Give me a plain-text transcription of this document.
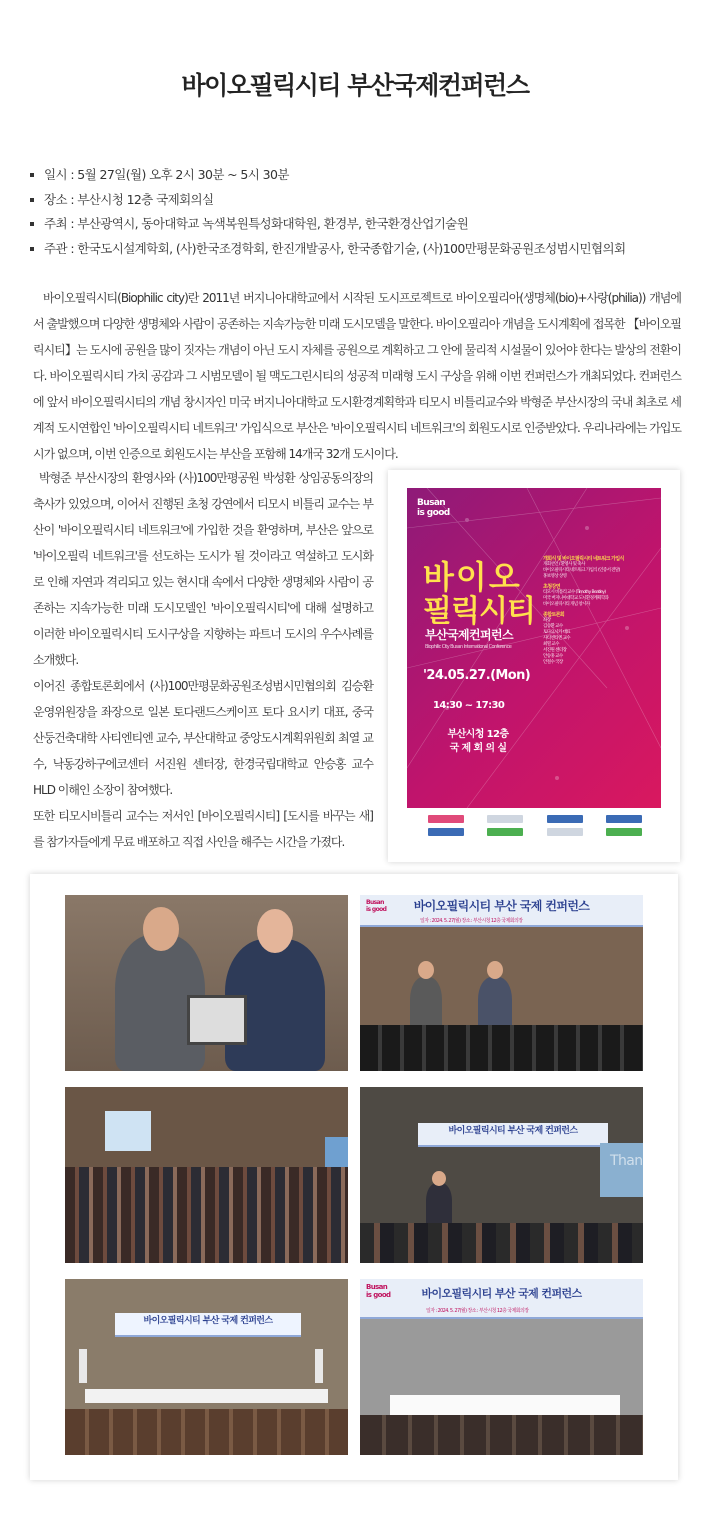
바이오필릭시티 부산국제컨퍼런스
일시 : 5월 27일(월) 오후 2시 30분 ~ 5시 30분
장소 : 부산시청 12층 국제회의실
주최 : 부산광역시, 동아대학교 녹색복원특성화대학원, 환경부, 한국환경산업기술원
주관 : 한국도시설계학회, (사)한국조경학회, 한진개발공사, 한국종합기술, (사)100만평문화공원조성범시민협의회

바이오필릭시티(Biophilic city)란 2011년 버지니아대학교에서 시작된 도시프로젝트로 바이오필리아(생명체(bio)+사랑(philia)) 개념에서 출발했으며 다양한 생명체와 사람이 공존하는 지속가능한 미래 도시모델을 말한다. 바이오필리아 개념을 도시계획에 접목한 【바이오필릭시티】는 도시에 공원을 많이 짓자는 개념이 아닌 도시 자체를 공원으로 계획하고 그 안에 물리적 시설물이 있어야 한다는 발상의 전환이다. 바이오필릭시티 가치 공감과 그 시범모델이 될 맥도그린시티의 성공적 미래형 도시 구상을 위해 이번 컨퍼런스가 개최되었다. 컨퍼런스에 앞서 바이오필릭시티의 개념 창시자인 미국 버지니아대학교 도시환경계획학과 티모시 비틀리교수와 박형준 부산시장의 국내 최초로 세계적 도시연합인 '바이오필릭시티 네트워크' 가입식으로 부산은 '바이오필릭시티 네트워크'의 회원도시로 인증받았다. 우리나라에는 가입도시가 없으며, 이번 인증으로 회원도시는 부산을 포함해 14개국 32개 도시이다.

박형준 부산시장의 환영사와 (사)100만평공원 박성환 상임공동의장의 축사가 있었으며, 이어서 진행된 초청 강연에서 티모시 비틀리 교수는 부산이 '바이오필릭시티 네트워크'에 가입한 것을 환영하며, 부산은 앞으로 '바이오필릭 네트워크'를 선도하는 도시가 될 것이라고 역설하고 도시화로 인해 자연과 격리되고 있는 현시대 속에서 다양한 생명체와 사람이 공존하는 지속가능한 미래 도시모델인 '바이오필릭시티'에 대해 설명하고 이러한 바이오필릭시티 도시구상을 지향하는 파트너 도시의 우수사례를 소개했다.

이어진 종합토론회에서 (사)100만평문화공원조성범시민협의회 김승환 운영위원장을 좌장으로 일본 토다랜드스케이프 토다 요시키 대표, 중국 산둥건축대학 사티엔티엔 교수, 부산대학교 중앙도시계획위원회 최열 교수, 낙동강하구에코센터 서진원 센터장, 한경국립대학교 안승홍 교수 HLD 이해인 소장이 참여했다.

또한 티모시비틀리 교수는 저서인 [바이오필릭시티] [도시를 바꾸는 새]를 참가자들에게 무료 배포하고 직접 사인을 해주는 시간을 가졌다.

Busan
is good
바이오
필릭시티
부산국제컨퍼런스
Biophilic City Busan International Conference
'24.05.27.(Mon)
14:30 ~ 17:30
부산시청 12층
국 제 회 의 실
개회식 및 바이오필릭시티 네트워크 가입식
개회선언 / 환영사 및 축사
바이오필릭시티 네트워크 가입식 (인증서 전달)
홍보영상 상영
초청강연
티모시 비틀리 교수 (Timothy Beatley)
미국 버지니아대학교 도시환경계획학과
바이오필릭시티 개념 창시자
종합토론회
좌장
김승환 교수
토다요시키 대표
사티엔티엔 교수
최열 교수
서진원 센터장
안승홍 교수
안철수 국장
바이오필릭시티 부산 국제 컨퍼런스
일자 : 2024. 5. 27(월) 장소 : 부산시청 12층 국제회의장
Busan
is good
바이오필릭시티 부산 국제 컨퍼런스
Than
바이오필릭시티 부산 국제 컨퍼런스
바이오필릭시티 부산 국제 컨퍼런스
일자 : 2024. 5. 27(월) 장소 : 부산시청 12층 국제회의장
Busan
is good
